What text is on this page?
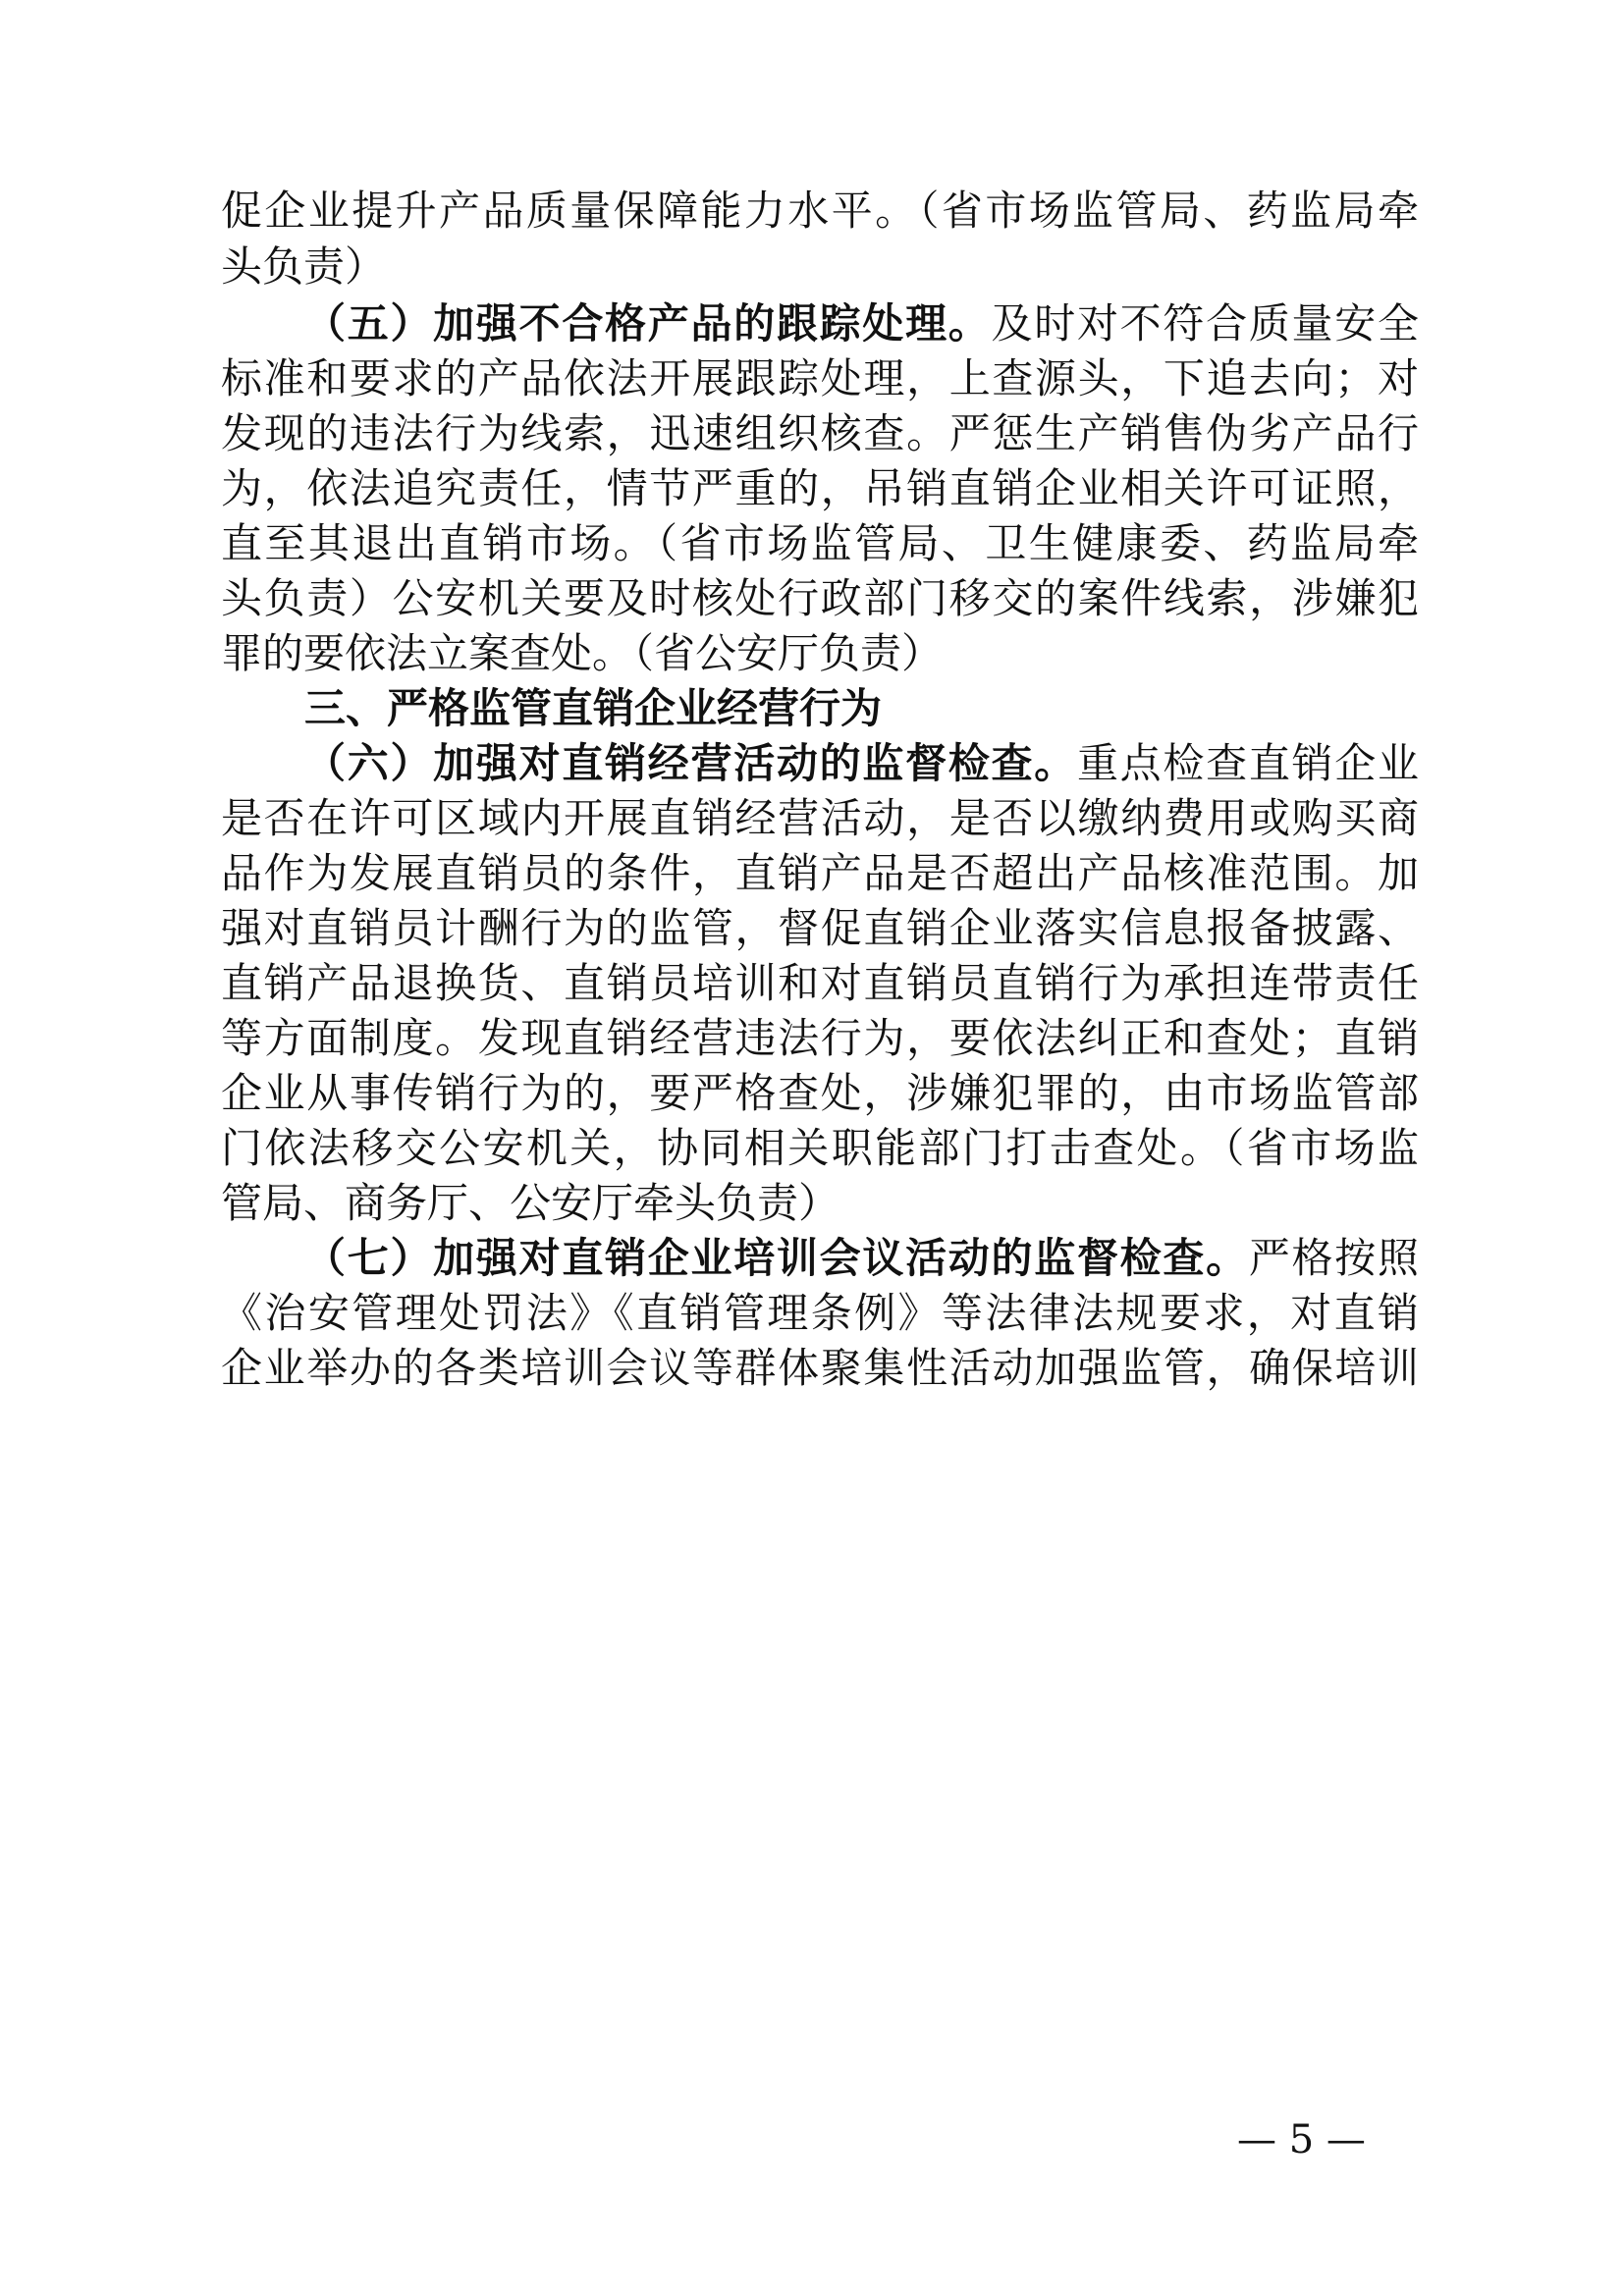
促企业提升产品质量保障能力水平。（省市场监管局、药监局牵
头负责）
（五）加强不合格产品的跟踪处理。及时对不符合质量安全
标准和要求的产品依法开展跟踪处理，上查源头，下追去向；对
发现的违法行为线索，迅速组织核查。严惩生产销售伪劣产品行
为，依法追究责任，情节严重的，吊销直销企业相关许可证照，
直至其退出直销市场。（省市场监管局、卫生健康委、药监局牵
头负责）公安机关要及时核处行政部门移交的案件线索，涉嫌犯
罪的要依法立案查处。（省公安厅负责）
三、严格监管直销企业经营行为
（六）加强对直销经营活动的监督检查。重点检查直销企业
是否在许可区域内开展直销经营活动，是否以缴纳费用或购买商
品作为发展直销员的条件，直销产品是否超出产品核准范围。加
强对直销员计酬行为的监管，督促直销企业落实信息报备披露、
直销产品退换货、直销员培训和对直销员直销行为承担连带责任
等方面制度。发现直销经营违法行为，要依法纠正和查处；直销
企业从事传销行为的，要严格查处，涉嫌犯罪的，由市场监管部
门依法移交公安机关，协同相关职能部门打击查处。（省市场监
管局、商务厅、公安厅牵头负责）
（七）加强对直销企业培训会议活动的监督检查。严格按照
《治安管理处罚法》《直销管理条例》等法律法规要求，对直销
企业举办的各类培训会议等群体聚集性活动加强监管，确保培训
— 5 —
